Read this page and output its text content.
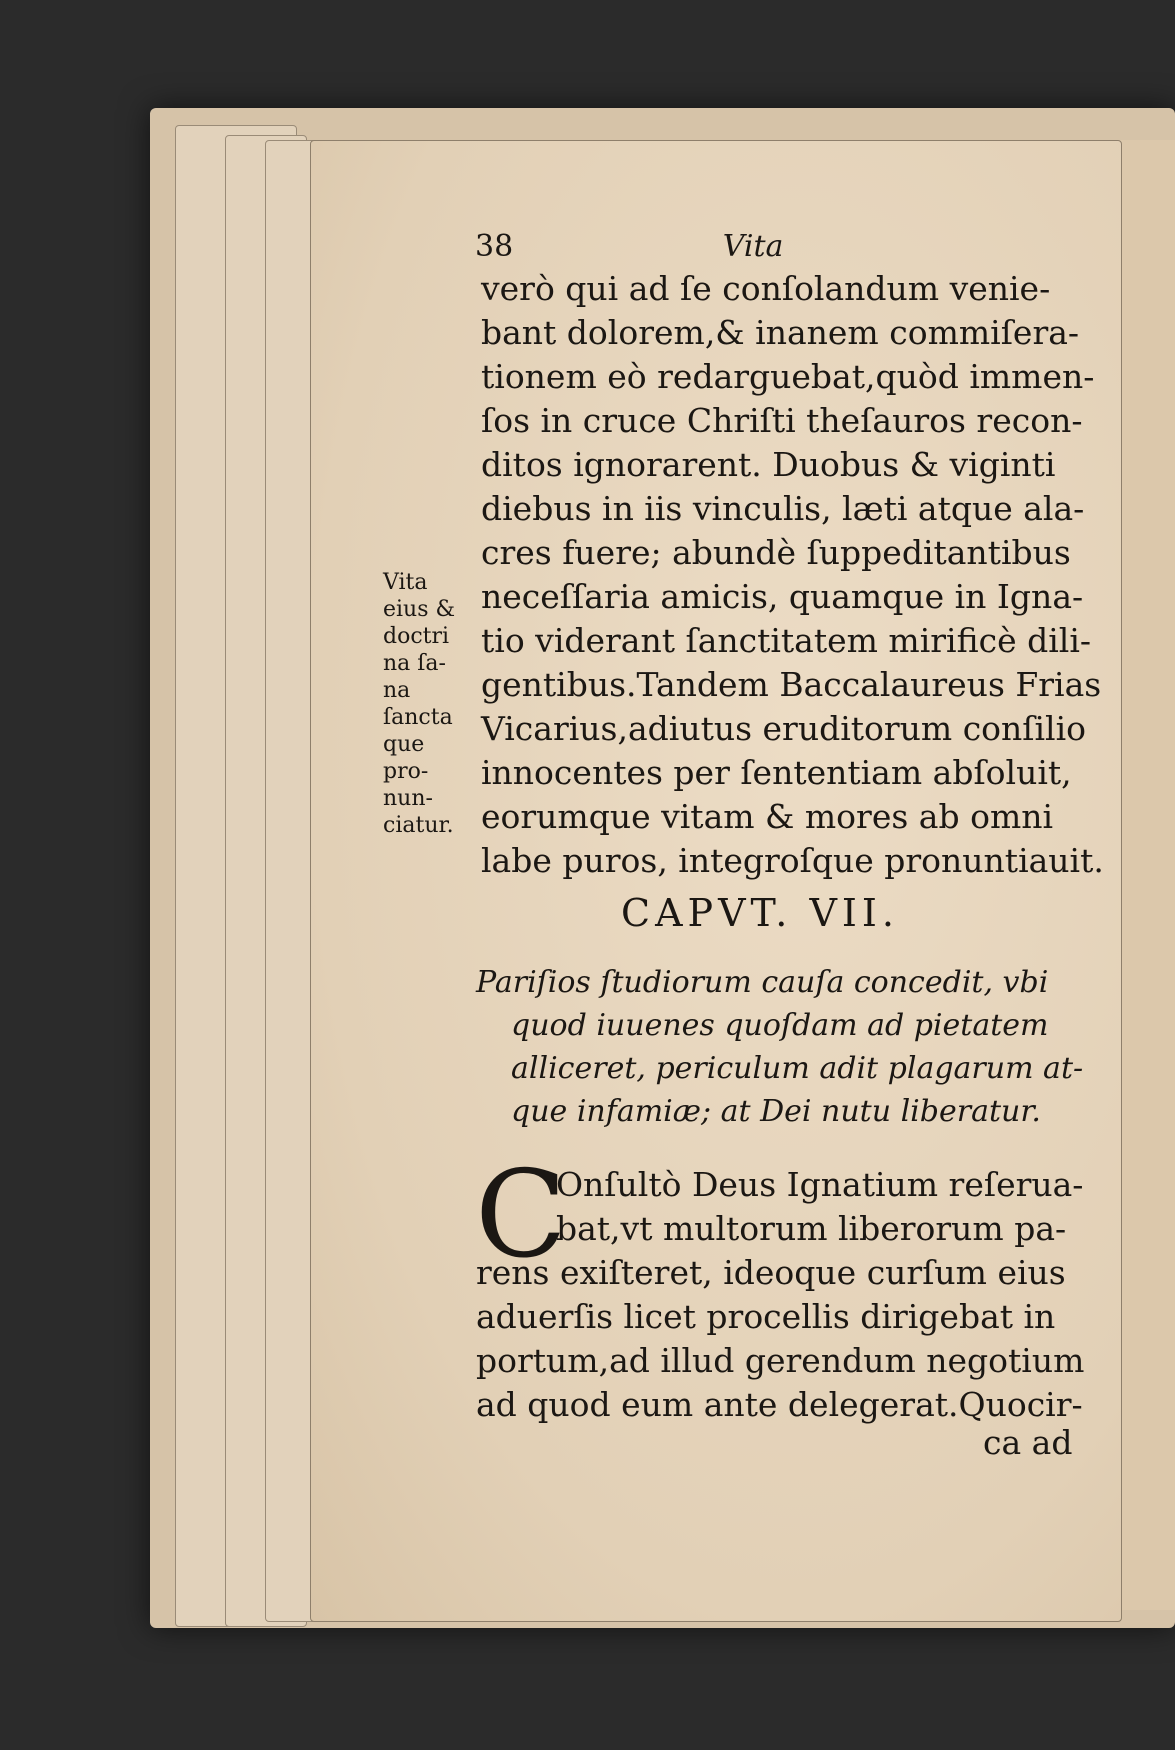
38	Vita
verò qui ad ſe conſolandum venie-
bant dolorem,& inanem commiſera-
tionem eò redarguebat,quòd immen-
ſos in cruce Chriſti theſauros recon-
ditos ignorarent. Duobus & viginti
diebus in iis vinculis, læti atque ala-
cres fuere; abundè ſuppeditantibus
neceſſaria amicis, quamque in Igna-
tio viderant ſanctitatem mirificè dili-
gentibus.Tandem Baccalaureus Frias
Vicarius,adiutus eruditorum conſilio
innocentes per ſententiam abſoluit,
eorumque vitam & mores ab omni
labe puros, integroſque pronuntiauit.
Vita
eius &
doctri
na ſa-
na
ſancta
que
pro-
nun-
ciatur.
CAPVT. VII.
Pariſios ſtudiorum cauſa concedit, vbi
quod iuuenes quoſdam ad pietatem
alliceret, periculum adit plagarum at-
que infamiæ; at Dei nutu liberatur.
C
Onſultò Deus Ignatium reſerua-
bat,vt multorum liberorum pa-
rens exiſteret, ideoque curſum eius
aduerſis licet procellis dirigebat in
portum,ad illud gerendum negotium
ad quod eum ante delegerat.Quocir-
ca ad
